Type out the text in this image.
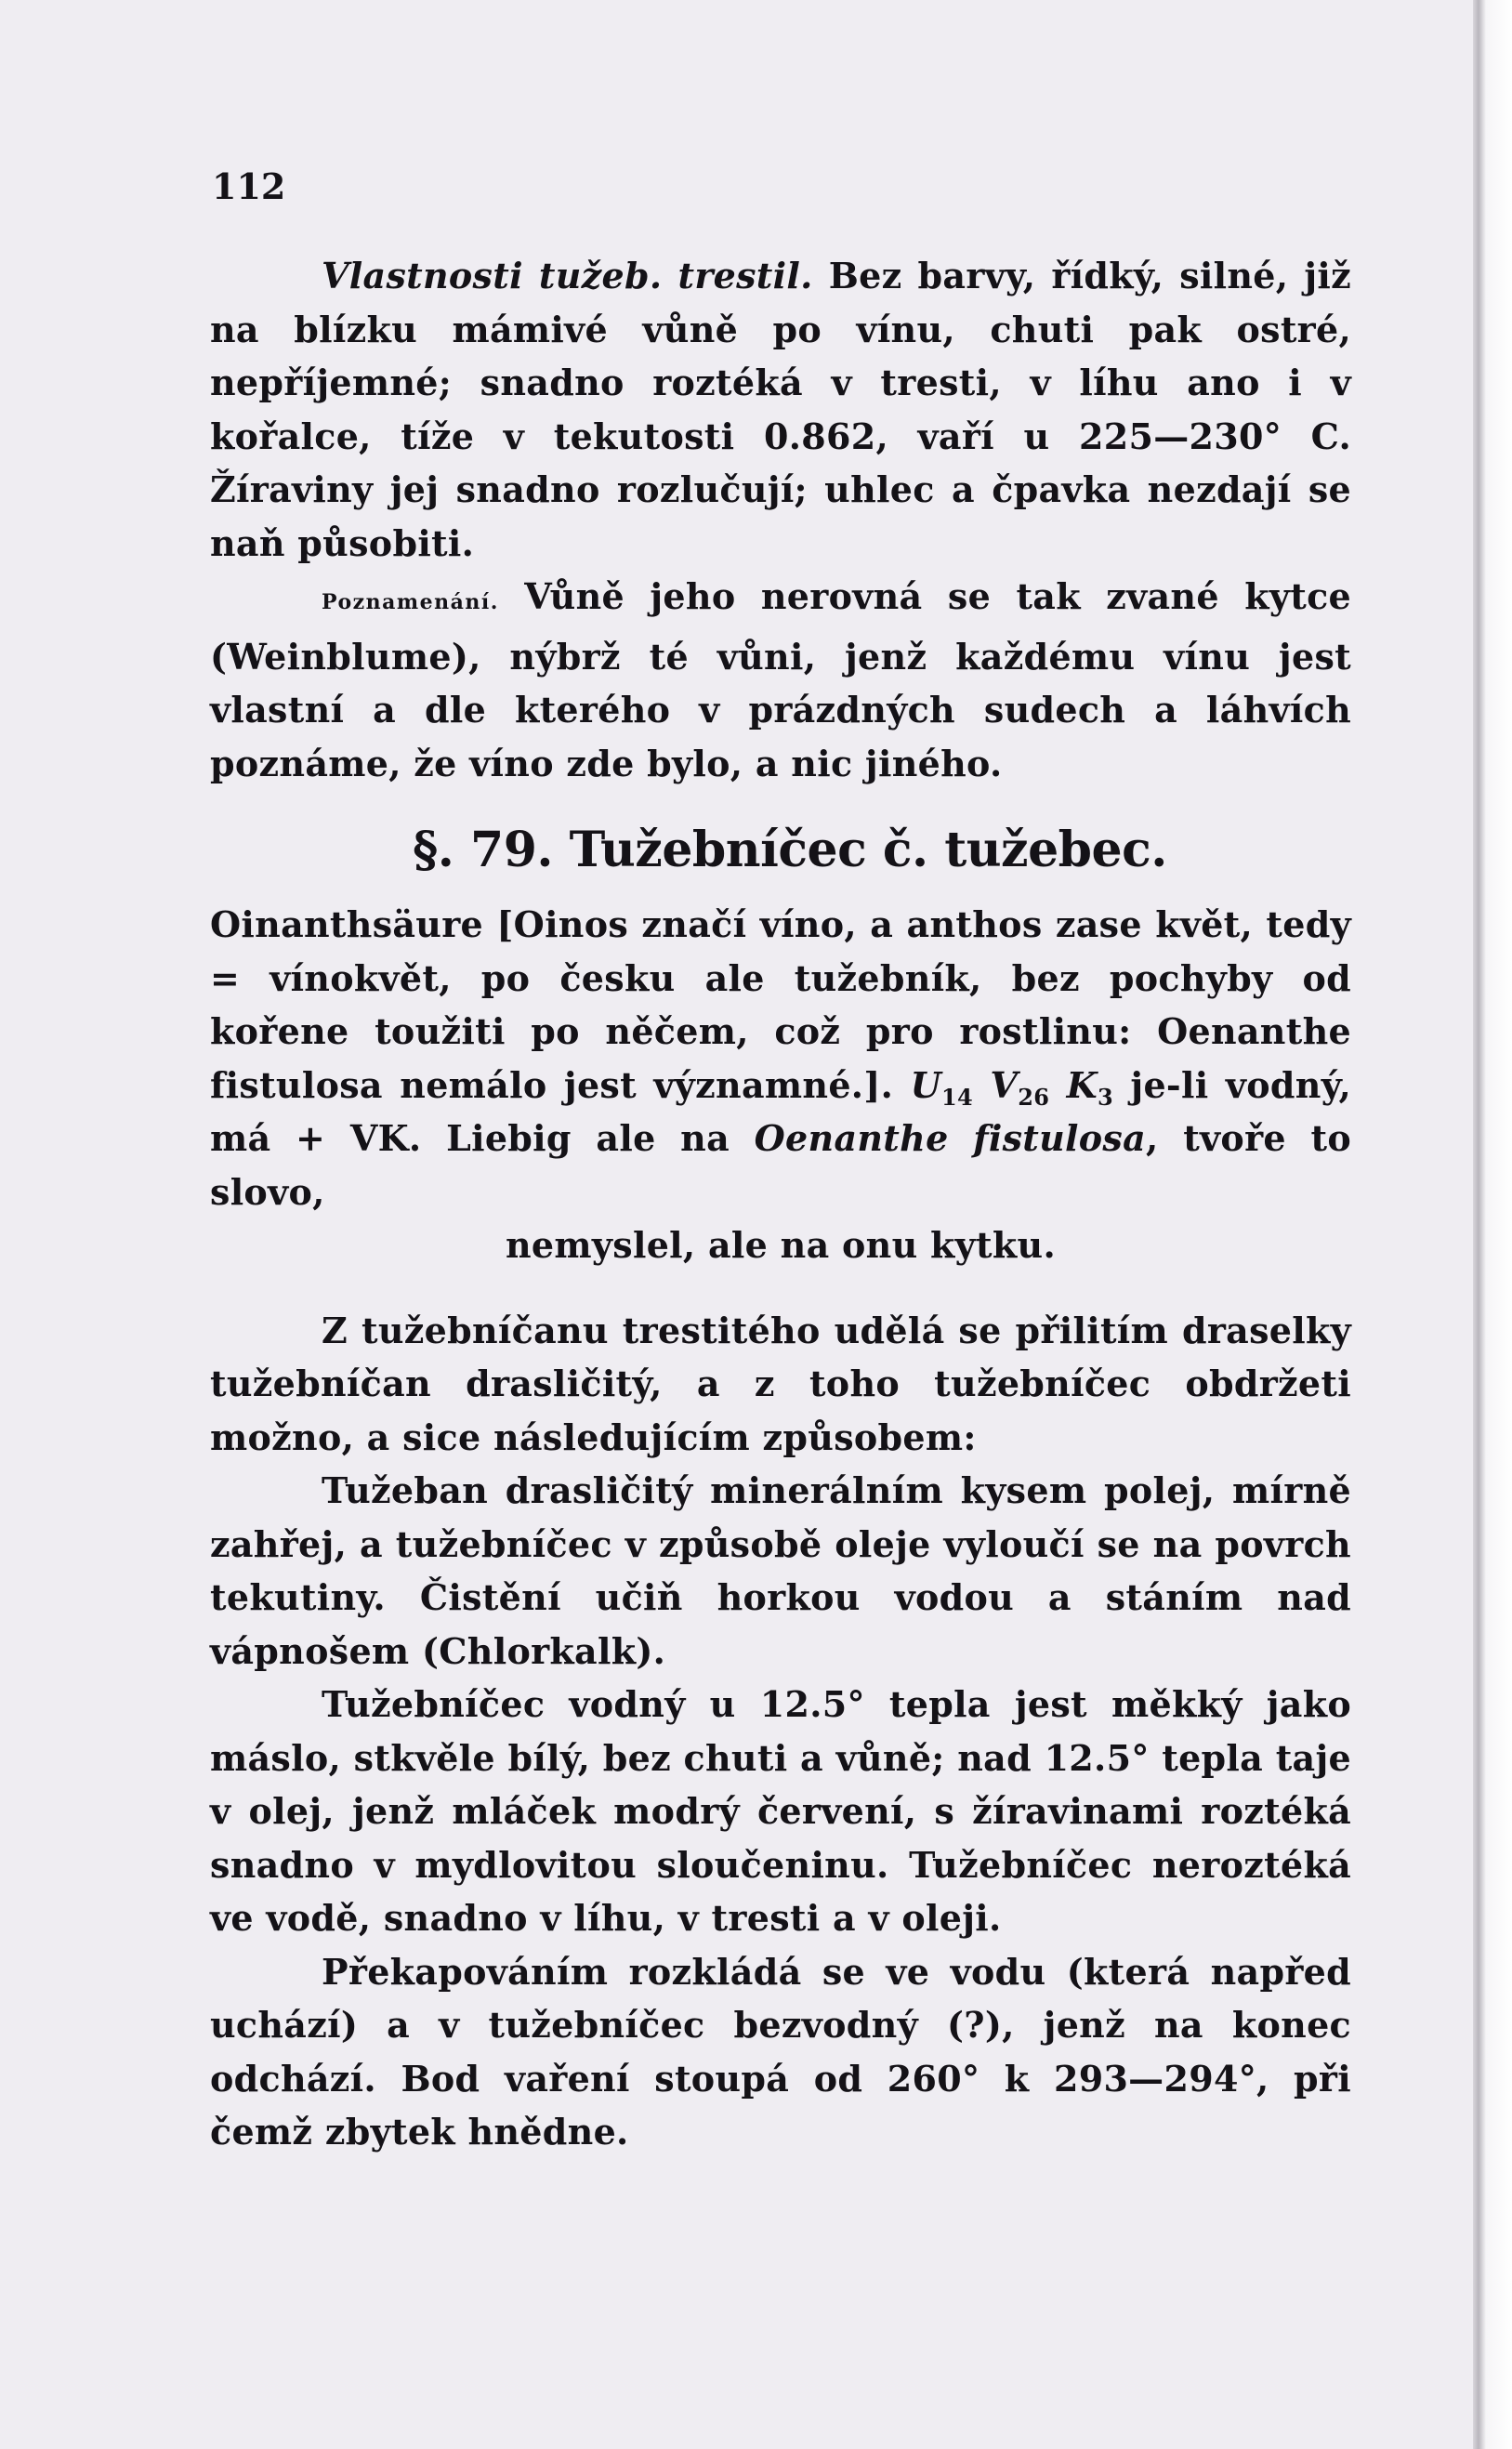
112

Vlastnosti tužeb. trestil. Bez barvy, řídký, silné, již na blízku mámivé vůně po vínu, chuti pak ostré, nepříjemné; snadno roztéká v tresti, v líhu ano i v kořalce, tíže v tekutosti 0.862, vaří u 225—230° C. Žíraviny jej snadno rozlučují; uhlec a čpavka nezdají se naň působiti.

Poznamenání. Vůně jeho nerovná se tak zvané kytce (Weinblume), nýbrž té vůni, jenž každému vínu jest vlastní a dle kterého v prázdných sudech a láhvích poznáme, že víno zde bylo, a nic jiného.

§. 79. Tužebníčec č. tužebec.

Oinanthsäure [Oinos značí víno, a anthos zase květ, tedy = vínokvět, po česku ale tužebník, bez pochyby od kořene toužiti po něčem, což pro rostlinu: Oenanthe fistulosa nemálo jest významné.]. $U_{14}$ $V_{26}$ $K_3$ je-li vodný, má + VK. Liebig ale na Oenanthe fistulosa, tvoře to slovo,

nemyslel, ale na onu kytku.

Z tužebníčanu trestitého udělá se přilitím draselky tužebníčan drasličitý, a z toho tužebníčec obdržeti možno, a sice následujícím způsobem:

Tužeban drasličitý minerálním kysem polej, mírně zahřej, a tužebníčec v způsobě oleje vyloučí se na povrch tekutiny. Čistění učiň horkou vodou a stáním nad vápnošem (Chlorkalk).

Tužebníčec vodný u 12.5° tepla jest měkký jako máslo, stkvěle bílý, bez chuti a vůně; nad 12.5° tepla taje v olej, jenž mláček modrý červení, s žíravinami roztéká snadno v mydlovitou sloučeninu. Tužebníčec neroztéká ve vodě, snadno v líhu, v tresti a v oleji.

Překapováním rozkládá se ve vodu (která napřed uchází) a v tužebníčec bezvodný (?), jenž na konec odchází. Bod vaření stoupá od 260° k 293—294°, při čemž zbytek hnědne.
